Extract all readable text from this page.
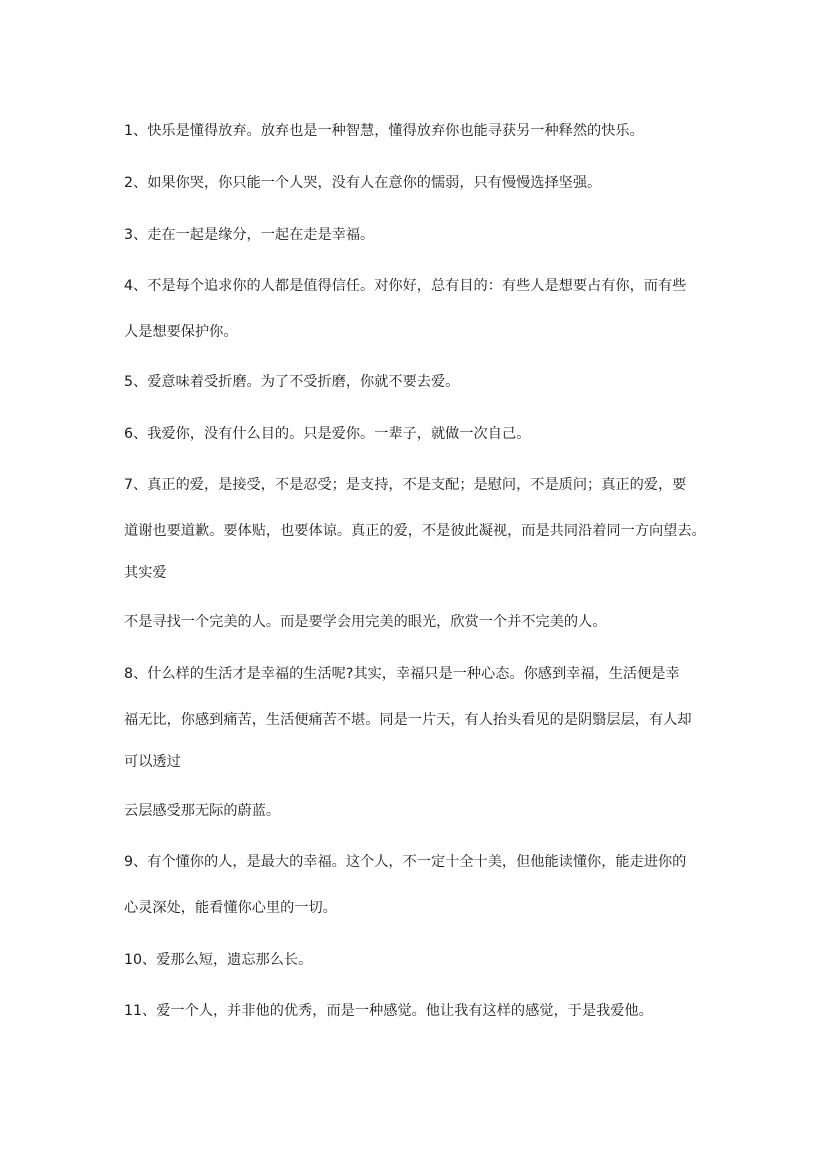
1、快乐是懂得放弃。放弃也是一种智慧，懂得放弃你也能寻获另一种释然的快乐。
2、如果你哭，你只能一个人哭，没有人在意你的懦弱，只有慢慢选择坚强。
3、走在一起是缘分，一起在走是幸福。
4、不是每个追求你的人都是值得信任。对你好，总有目的：有些人是想要占有你，而有些
人是想要保护你。
5、爱意味着受折磨。为了不受折磨，你就不要去爱。
6、我爱你，没有什么目的。只是爱你。一辈子，就做一次自己。
7、真正的爱，是接受，不是忍受；是支持，不是支配；是慰问，不是质问；真正的爱，要
道谢也要道歉。要体贴，也要体谅。真正的爱，不是彼此凝视，而是共同沿着同一方向望去。
其实爱
不是寻找一个完美的人。而是要学会用完美的眼光，欣赏一个并不完美的人。
8、什么样的生活才是幸福的生活呢?其实，幸福只是一种心态。你感到幸福，生活便是幸
福无比，你感到痛苦，生活便痛苦不堪。同是一片天，有人抬头看见的是阴翳层层，有人却
可以透过
云层感受那无际的蔚蓝。
9、有个懂你的人，是最大的幸福。这个人，不一定十全十美，但他能读懂你，能走进你的
心灵深处，能看懂你心里的一切。
10、爱那么短，遗忘那么长。
11、爱一个人，并非他的优秀，而是一种感觉。他让我有这样的感觉，于是我爱他。
